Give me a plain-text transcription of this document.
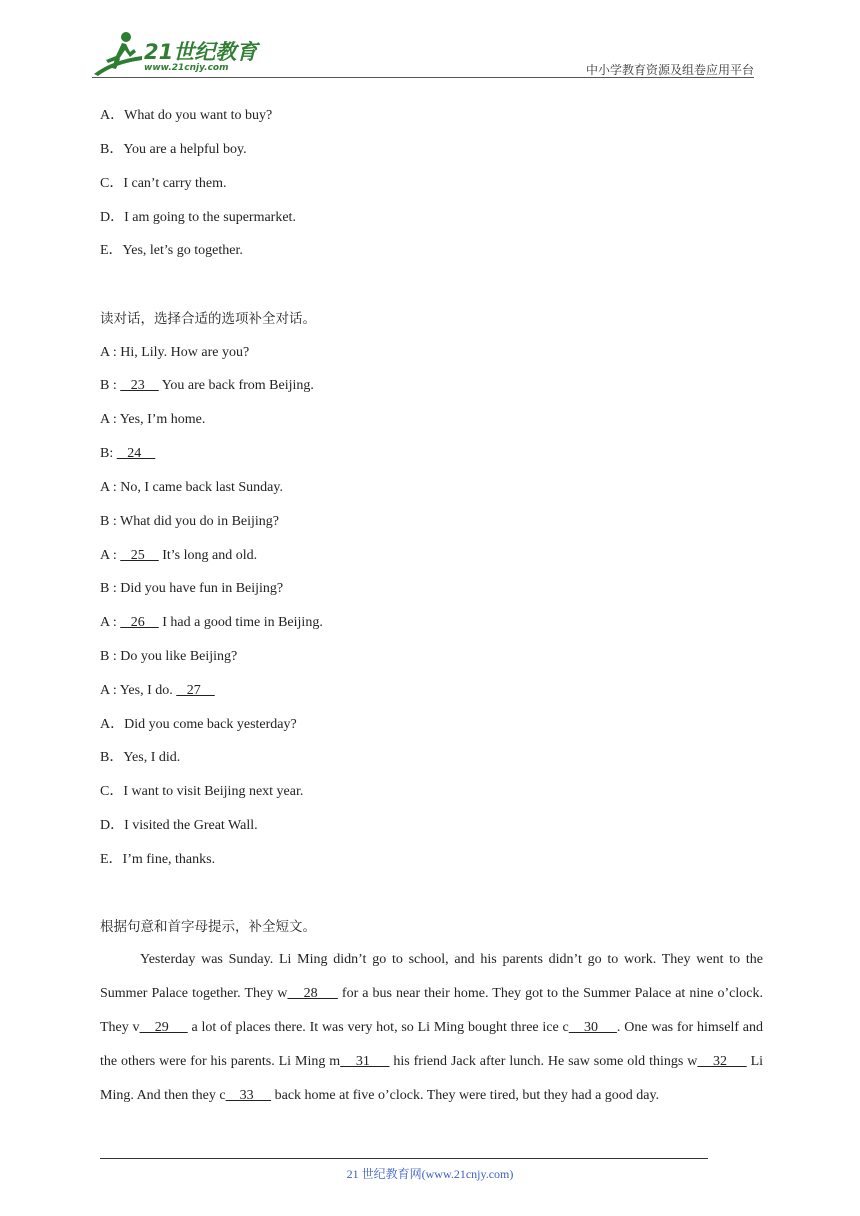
21世纪教育
www.21cnjy.com	中小学教育资源及组卷应用平台
A．What do you want to buy?
B．You are a helpful boy.
C．I can’t carry them.
D．I am going to the supermarket.
E．Yes, let’s go together.
读对话，选择合适的选项补全对话。
A : Hi, Lily. How are you?
B :    23     You are back from Beijing.
A : Yes, I’m home.
B:    24
A : No, I came back last Sunday.
B : What did you do in Beijing?
A :    25     It’s long and old.
B : Did you have fun in Beijing?
A :    26     I had a good time in Beijing.
B : Do you like Beijing?
A : Yes, I do.    27
A．Did you come back yesterday?
B．Yes, I did.
C．I want to visit Beijing next year.
D．I visited the Great Wall.
E．I’m fine, thanks.
根据句意和首字母提示，补全短文。
Yesterday was Sunday. Li Ming didn’t go to school, and his parents didn’t go to work. They went to the Summer Palace together. They w    28      for a bus near their home. They got to the Summer Palace at nine o’clock. They v    29      a lot of places there. It was very hot, so Li Ming bought three ice c    30     . One was for himself and the others were for his parents. Li Ming m    31      his friend Jack after lunch. He saw some old things w    32      Li Ming. And then they c    33      back home at five o’clock. They were tired, but they had a good day.
21 世纪教育网(www.21cnjy.com)
